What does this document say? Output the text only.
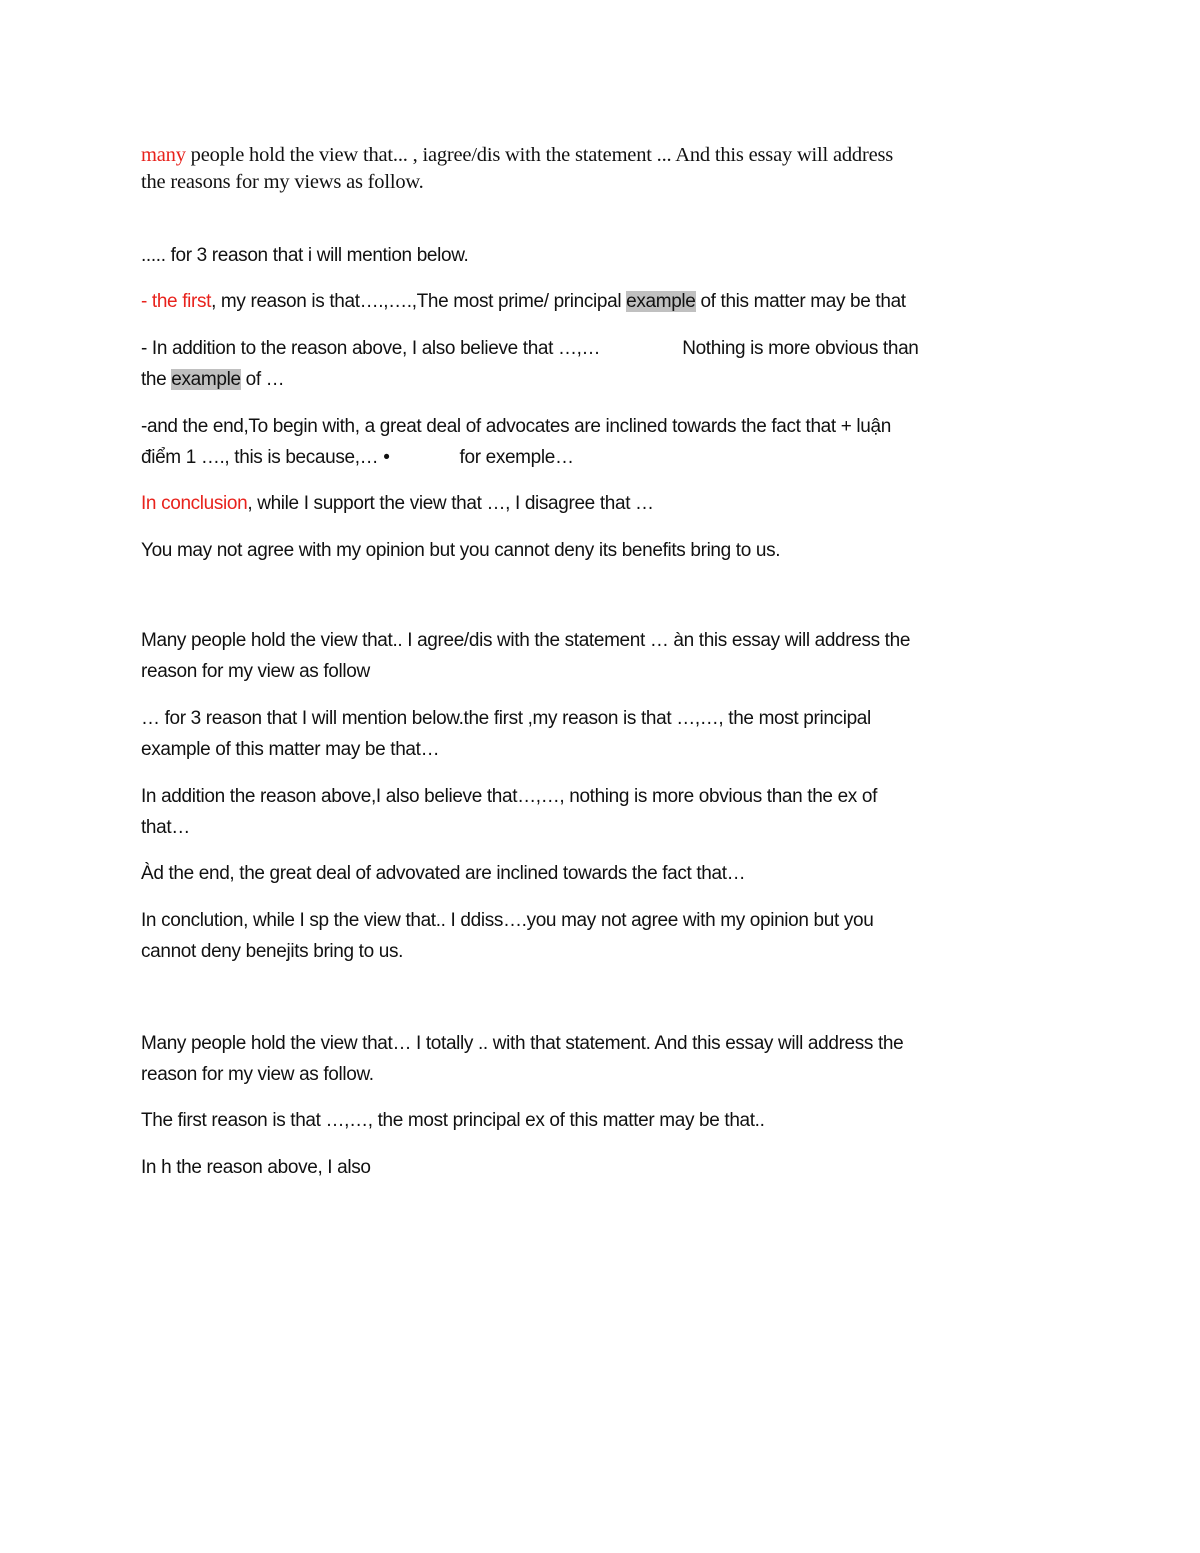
many people hold the view that... , iagree/dis with the statement ... And this essay will address
the reasons for my views as follow.

..... for 3 reason that i will mention below.

- the first, my reason is that….,….,The most prime/ principal example of this matter may be that

- In addition to the reason above, I also believe that …,…	Nothing is more obvious than
the example of …

-and the end,To begin with, a great deal of advocates are inclined towards the fact that + luận
điểm 1 …., this is because,… •	for exemple…

In conclusion, while I support the view that …, I disagree that …

You may not agree with my opinion but you cannot deny its benefits bring to us.

Many people hold the view that.. I agree/dis with the statement … àn this essay will address the
reason for my view as follow

… for 3 reason that I will mention below.the first ,my reason is that …,…, the most principal
example of this matter may be that…

In addition the reason above,I also believe that…,…, nothing is more obvious than the ex of
that…

Àd the end, the great deal of advovated are inclined towards the fact that…

In conclution, while I sp the view that.. I ddiss….you may not agree with my opinion but you
cannot deny benejits bring to us.

Many people hold the view that… I totally .. with that statement. And this essay will address the
reason for my view as follow.

The first reason is that …,…, the most principal ex of this matter may be that..

In h the reason above, I also
